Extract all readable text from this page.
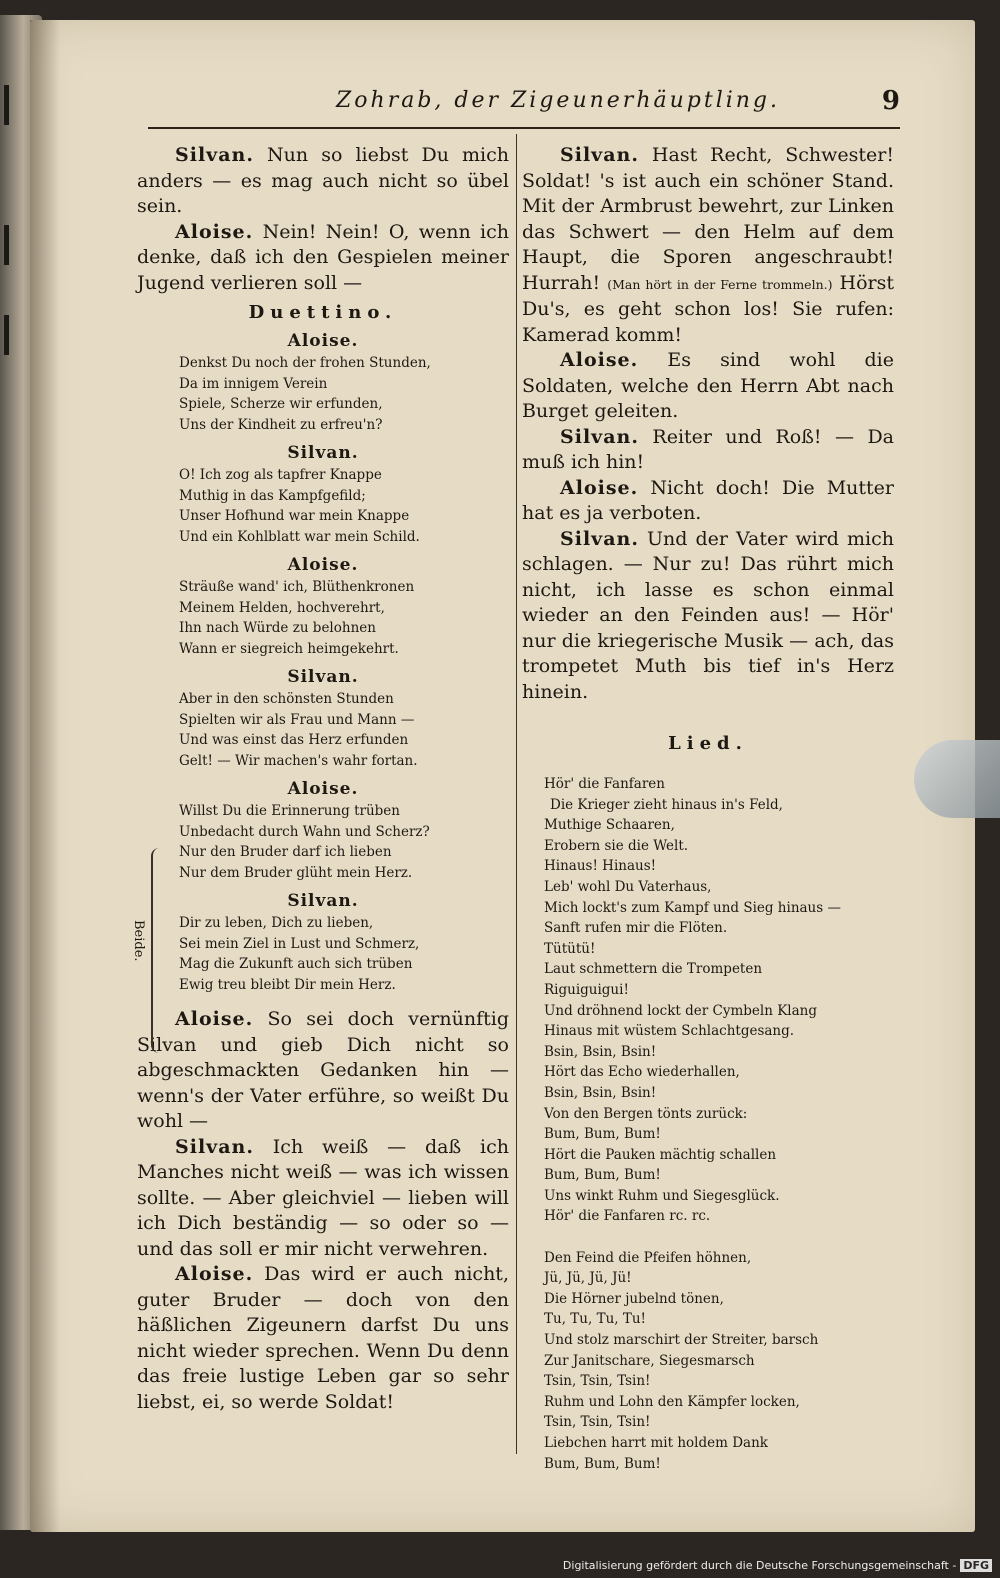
Zohrab, der Zigeunerhäuptling.	9

Silvan. Nun so liebst Du mich anders — es mag auch nicht so übel sein.

Aloise. Nein! Nein! O, wenn ich denke, daß ich den Gespielen meiner Jugend verlieren soll —

Duettino.
Aloise.
Denkst Du noch der frohen Stunden,
Da im innigem Verein
Spiele, Scherze wir erfunden,
Uns der Kindheit zu erfreu'n?
Silvan.
O! Ich zog als tapfrer Knappe
Muthig in das Kampfgefild;
Unser Hofhund war mein Knappe
Und ein Kohlblatt war mein Schild.
Aloise.
Sträuße wand' ich, Blüthenkronen
Meinem Helden, hochverehrt,
Ihn nach Würde zu belohnen
Wann er siegreich heimgekehrt.
Silvan.
Aber in den schönsten Stunden
Spielten wir als Frau und Mann —
Und was einst das Herz erfunden
Gelt! — Wir machen's wahr fortan.
Aloise.
Willst Du die Erinnerung trüben
Unbedacht durch Wahn und Scherz?
Nur den Bruder darf ich lieben
Nur dem Bruder glüht mein Herz.
Silvan.
Dir zu leben, Dich zu lieben,
Sei mein Ziel in Lust und Schmerz,
Mag die Zukunft auch sich trüben
Ewig treu bleibt Dir mein Herz.

Aloise. So sei doch vernünftig Silvan und gieb Dich nicht so abgeschmackten Gedanken hin — wenn's der Vater erführe, so weißt Du wohl —

Silvan. Ich weiß — daß ich Manches nicht weiß — was ich wissen sollte. — Aber gleichviel — lieben will ich Dich beständig — so oder so — und das soll er mir nicht verwehren.

Aloise. Das wird er auch nicht, guter Bruder — doch von den häßlichen Zigeunern darfst Du uns nicht wieder sprechen. Wenn Du denn das freie lustige Leben gar so sehr liebst, ei, so werde Soldat!

Beide.

Silvan. Hast Recht, Schwester! Soldat! 's ist auch ein schöner Stand. Mit der Armbrust bewehrt, zur Linken das Schwert — den Helm auf dem Haupt, die Sporen angeschraubt! Hurrah! (Man hört in der Ferne trommeln.) Hörst Du's, es geht schon los! Sie rufen: Kamerad komm!

Aloise. Es sind wohl die Soldaten, welche den Herrn Abt nach Burget geleiten.

Silvan. Reiter und Roß! — Da muß ich hin!

Aloise. Nicht doch! Die Mutter hat es ja verboten.

Silvan. Und der Vater wird mich schlagen. — Nur zu! Das rührt mich nicht, ich lasse es schon einmal wieder an den Feinden aus! — Hör' nur die kriegerische Musik — ach, das trompetet Muth bis tief in's Herz hinein.

Lied.
Hör' die Fanfaren
Die Krieger zieht hinaus in's Feld,
Muthige Schaaren,
Erobern sie die Welt.
Hinaus! Hinaus!
Leb' wohl Du Vaterhaus,
Mich lockt's zum Kampf und Sieg hinaus —
Sanft rufen mir die Flöten.
Tütütü!
Laut schmettern die Trompeten
Riguiguigui!
Und dröhnend lockt der Cymbeln Klang
Hinaus mit wüstem Schlachtgesang.
Bsin, Bsin, Bsin!
Hört das Echo wiederhallen,
Bsin, Bsin, Bsin!
Von den Bergen tönts zurück:
Bum, Bum, Bum!
Hört die Pauken mächtig schallen
Bum, Bum, Bum!
Uns winkt Ruhm und Siegesglück.
Hör' die Fanfaren rc. rc.
Den Feind die Pfeifen höhnen,
Jü, Jü, Jü, Jü!
Die Hörner jubelnd tönen,
Tu, Tu, Tu, Tu!
Und stolz marschirt der Streiter, barsch
Zur Janitschare, Siegesmarsch
Tsin, Tsin, Tsin!
Ruhm und Lohn den Kämpfer locken,
Tsin, Tsin, Tsin!
Liebchen harrt mit holdem Dank
Bum, Bum, Bum!
Digitalisierung gefördert durch die Deutsche Forschungsgemeinschaft - DFG
